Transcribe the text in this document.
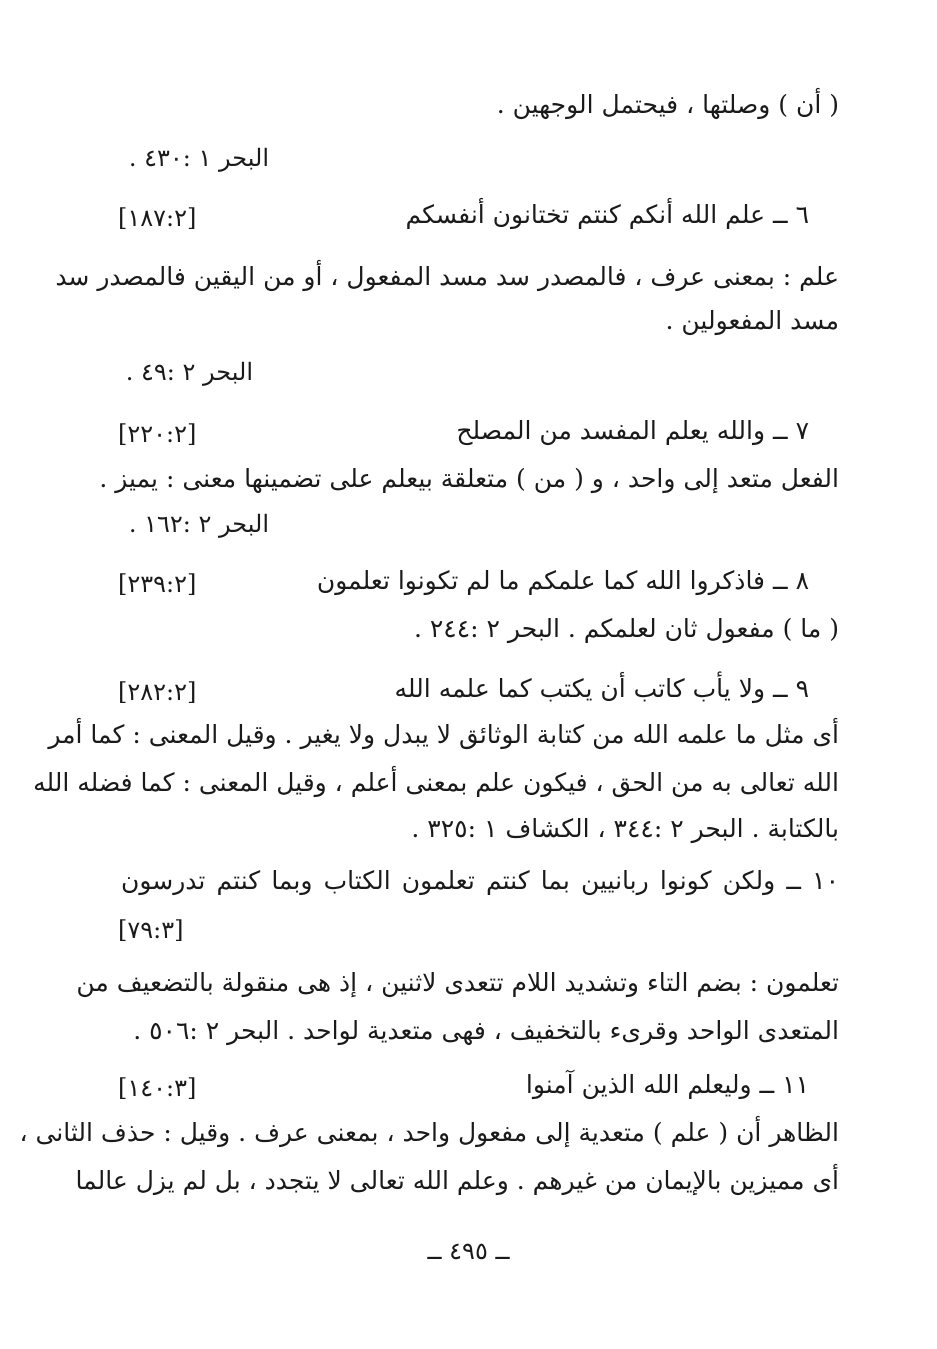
( أن ) وصلتها ، فيحتمل الوجهين .
البحر ١ :٤٣٠ .
٦ ــ علم الله أنكم كنتم تختانون أنفسكم
[١٨٧:٢]
علم : بمعنى عرف ، فالمصدر سد مسد المفعول ، أو من اليقين فالمصدر سد
مسد المفعولين .
البحر ٢ :٤٩ .
٧ ــ والله يعلم المفسد من المصلح
[٢٢٠:٢]
الفعل متعد إلى واحد ، و ( من ) متعلقة بيعلم على تضمينها معنى : يميز .
البحر ٢ :١٦٢ .
٨ ــ فاذكروا الله كما علمكم ما لم تكونوا تعلمون
[٢٣٩:٢]
( ما ) مفعول ثان لعلمكم . البحر ٢ :٢٤٤ .
٩ ــ ولا يأب كاتب أن يكتب كما علمه الله
[٢٨٢:٢]
أى مثل ما علمه الله من كتابة الوثائق لا يبدل ولا يغير . وقيل المعنى : كما أمر
الله تعالى به من الحق ، فيكون علم بمعنى أعلم ، وقيل المعنى : كما فضله الله
بالكتابة . البحر ٢ :٣٤٤ ، الكشاف ١ :٣٢٥ .
١٠ ــ ولكن كونوا ربانيين بما كنتم تعلمون الكتاب وبما كنتم تدرسون
[٧٩:٣]
تعلمون : بضم التاء وتشديد اللام تتعدى لاثنين ، إذ هى منقولة بالتضعيف من
المتعدى الواحد وقرىء بالتخفيف ، فهى متعدية لواحد . البحر ٢ :٥٠٦ .
١١ ــ وليعلم الله الذين آمنوا
[١٤٠:٣]
الظاهر أن ( علم ) متعدية إلى مفعول واحد ، بمعنى عرف . وقيل : حذف الثانى ،
أى مميزين بالإيمان من غيرهم . وعلم الله تعالى لا يتجدد ، بل لم يزل عالما
ــ ٤٩٥ ــ
